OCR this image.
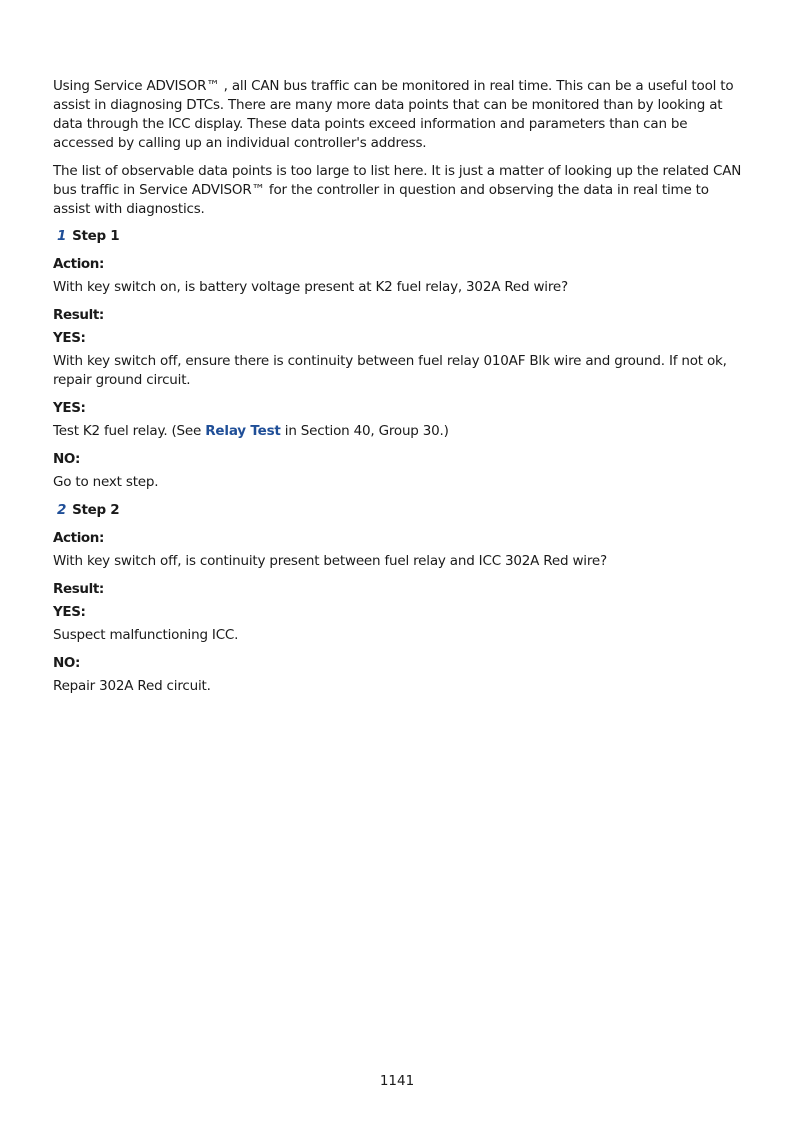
Using Service ADVISOR™ , all CAN bus traffic can be monitored in real time. This can be a useful tool to assist in diagnosing DTCs. There are many more data points that can be monitored than by looking at data through the ICC display. These data points exceed information and parameters than can be accessed by calling up an individual controller's address.

The list of observable data points is too large to list here. It is just a matter of looking up the related CAN bus traffic in Service ADVISOR™ for the controller in question and observing the data in real time to assist with diagnostics.

1 Step 1
Action:

With key switch on, is battery voltage present at K2 fuel relay, 302A Red wire?

Result:
YES:

With key switch off, ensure there is continuity between fuel relay 010AF Blk wire and ground. If not ok, repair ground circuit.

YES:

Test K2 fuel relay. (See Relay Test in Section 40, Group 30.)

NO:

Go to next step.

2 Step 2
Action:

With key switch off, is continuity present between fuel relay and ICC 302A Red wire?

Result:
YES:

Suspect malfunctioning ICC.

NO:

Repair 302A Red circuit.

1141
